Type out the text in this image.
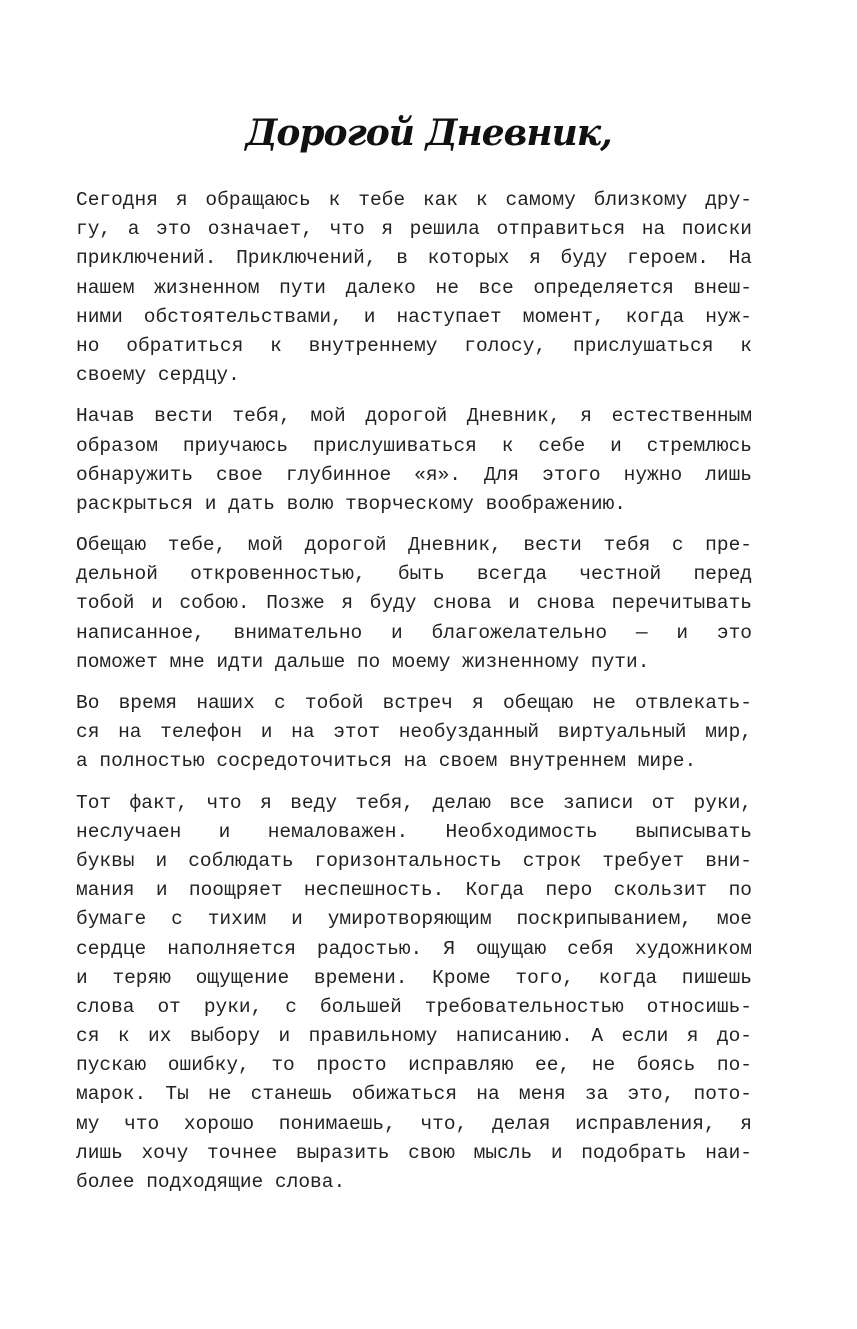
Дорогой Дневник,

Сегодня я обращаюсь к тебе как к самому близкому дру-
гу, а это означает, что я решила отправиться на поиски
приключений. Приключений, в которых я буду героем. На
нашем жизненном пути далеко не все определяется внеш-
ними обстоятельствами, и наступает момент, когда нуж-
но обратиться к внутреннему голосу, прислушаться к
своему сердцу.

Начав вести тебя, мой дорогой Дневник, я естественным
образом приучаюсь прислушиваться к себе и стремлюсь
обнаружить свое глубинное «я». Для этого нужно лишь
раскрыться и дать волю творческому воображению.

Обещаю тебе, мой дорогой Дневник, вести тебя с пре-
дельной откровенностью, быть всегда честной перед
тобой и собою. Позже я буду снова и снова перечитывать
написанное, внимательно и благожелательно — и это
поможет мне идти дальше по моему жизненному пути.

Во время наших с тобой встреч я обещаю не отвлекать-
ся на телефон и на этот необузданный виртуальный мир,
а полностью сосредоточиться на своем внутреннем мире.

Тот факт, что я веду тебя, делаю все записи от руки,
неслучаен и немаловажен. Необходимость выписывать
буквы и соблюдать горизонтальность строк требует вни-
мания и поощряет неспешность. Когда перо скользит по
бумаге с тихим и умиротворяющим поскрипыванием, мое
сердце наполняется радостью. Я ощущаю себя художником
и теряю ощущение времени. Кроме того, когда пишешь
слова от руки, с большей требовательностью относишь-
ся к их выбору и правильному написанию. А если я до-
пускаю ошибку, то просто исправляю ее, не боясь по-
марок. Ты не станешь обижаться на меня за это, пото-
му что хорошо понимаешь, что, делая исправления, я
лишь хочу точнее выразить свою мысль и подобрать наи-
более подходящие слова.
